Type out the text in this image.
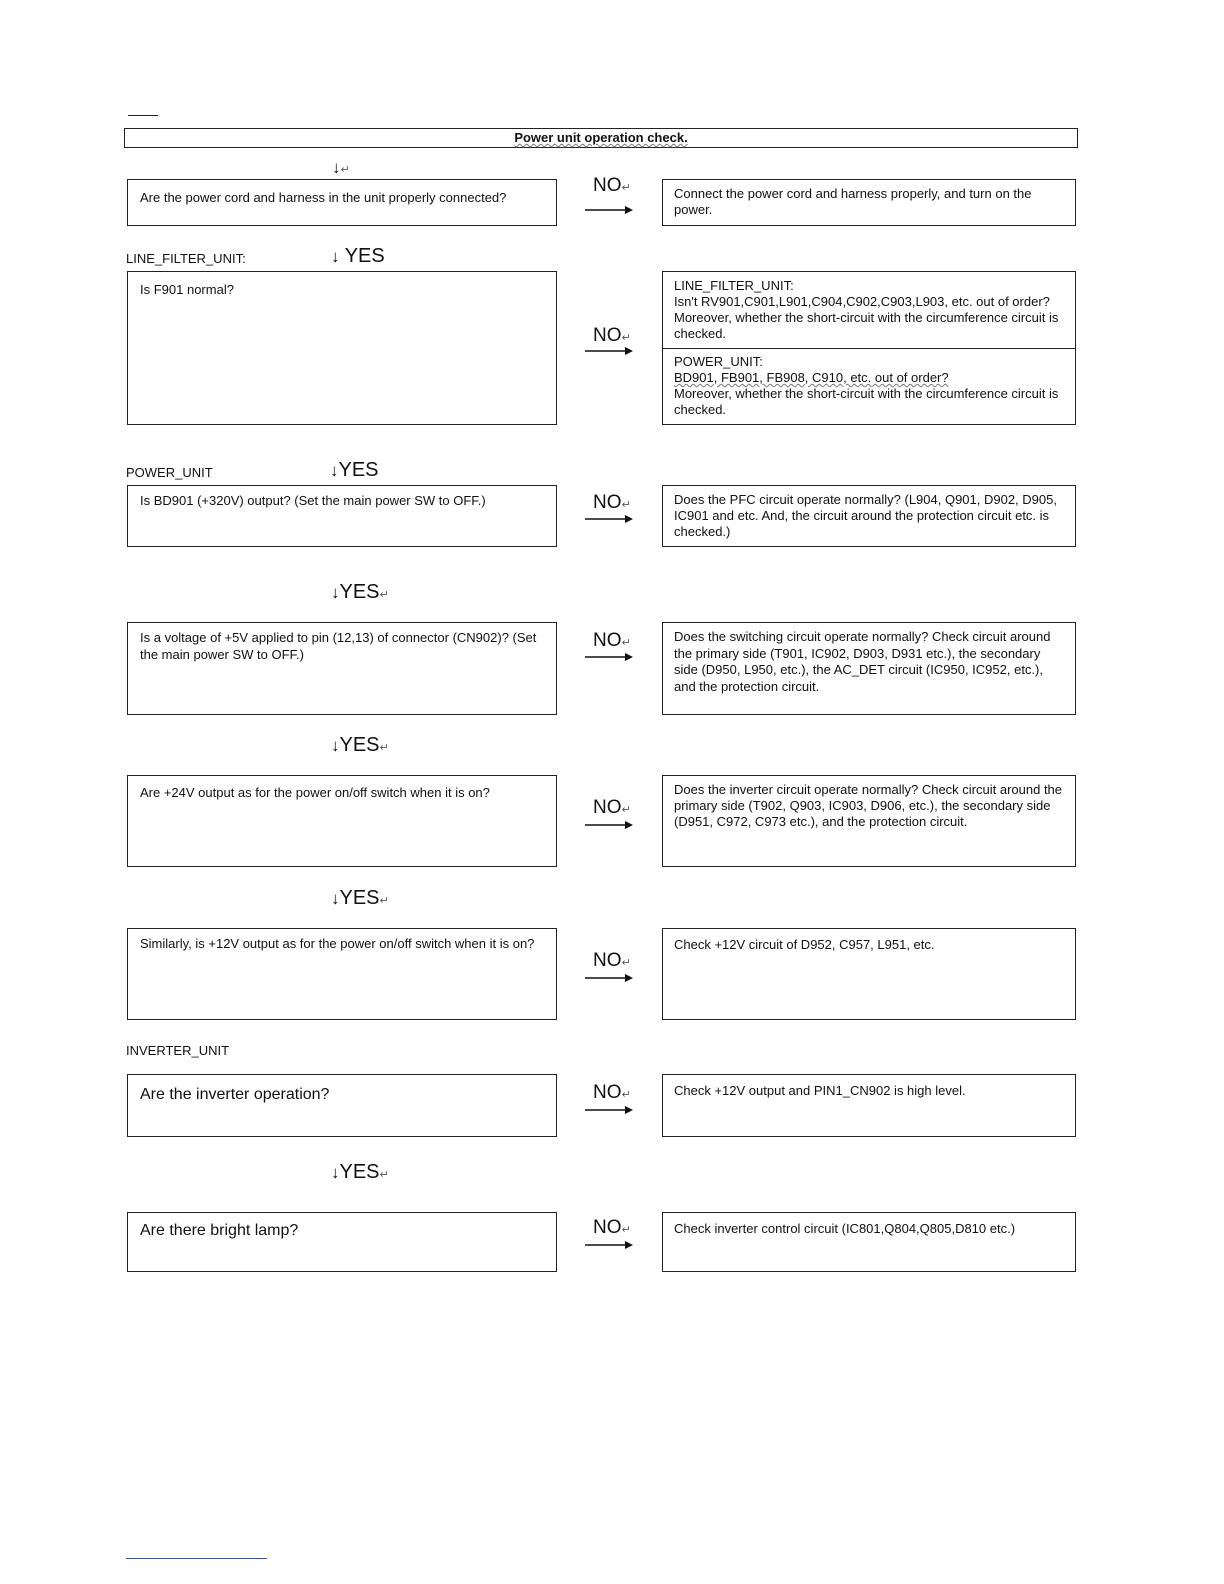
Power unit operation check.
↓↵
Are the power cord and harness in the unit properly connected?
NO↵	Connect the power cord and harness properly, and turn on the power.
LINE_FILTER_UNIT:	↓ YES
Is F901 normal?
NO↵
LINE_FILTER_UNIT:
Isn't RV901,C901,L901,C904,C902,C903,L903, etc. out of order? Moreover, whether the short-circuit with the circumference circuit is checked.
POWER_UNIT:
BD901, FB901, FB908, C910, etc. out of order?
Moreover, whether the short-circuit with the circumference circuit is checked.
POWER_UNIT	↓YES
Is BD901 (+320V) output? (Set the main power SW to OFF.)	NO↵	Does the PFC circuit operate normally? (L904, Q901, D902, D905, IC901 and etc. And, the circuit around the protection circuit etc. is checked.)
↓YES↵
Is a voltage of +5V applied to pin (12,13) of connector (CN902)? (Set the main power SW to OFF.)
NO↵	Does the switching circuit operate normally? Check circuit around the primary side (T901, IC902, D903, D931 etc.), the secondary side (D950, L950, etc.), the AC_DET circuit (IC950, IC952, etc.), and the protection circuit.
↓YES↵
Are +24V output as for the power on/off switch when it is on?
NO↵
Does the inverter circuit operate normally? Check circuit around the primary side (T902, Q903, IC903, D906, etc.), the secondary side (D951, C972, C973 etc.), and the protection circuit.
↓YES↵
Similarly, is +12V output as for the power on/off switch when it is on?
NO↵
Check +12V circuit of D952, C957, L951, etc.
INVERTER_UNIT
Are the inverter operation?	NO↵	Check +12V output and PIN1_CN902 is high level.
↓YES↵
Are there bright lamp?	NO↵	Check inverter control circuit (IC801,Q804,Q805,D810 etc.)
